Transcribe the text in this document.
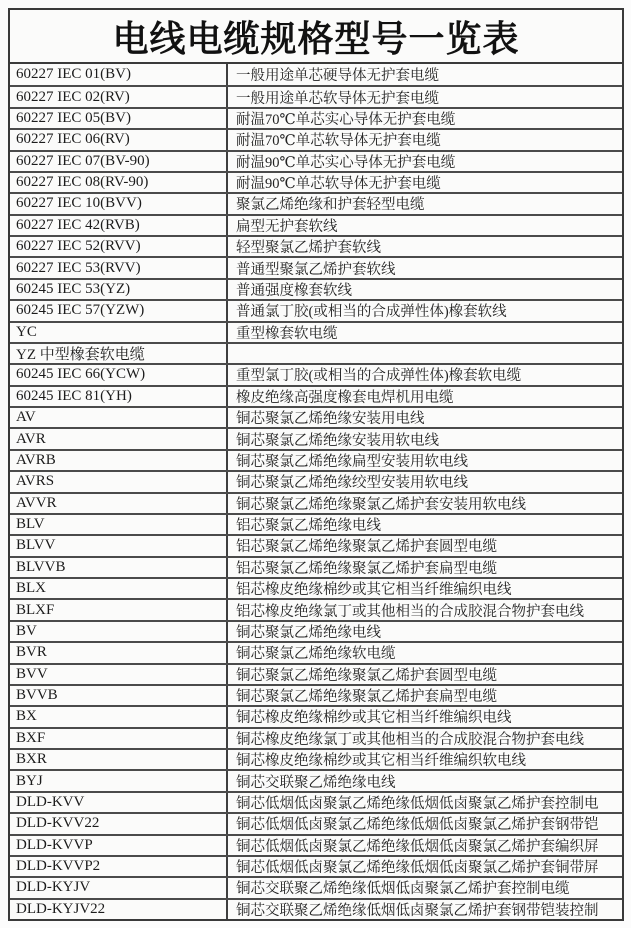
电线电缆规格型号一览表
60227 IEC 01(BV)	一般用途单芯硬导体无护套电缆
60227 IEC 02(RV)	一般用途单芯软导体无护套电缆
60227 IEC 05(BV)	耐温70℃单芯实心导体无护套电缆
60227 IEC 06(RV)	耐温70℃单芯软导体无护套电缆
60227 IEC 07(BV-90)	耐温90℃单芯实心导体无护套电缆
60227 IEC 08(RV-90)	耐温90℃单芯软导体无护套电缆
60227 IEC 10(BVV)	聚氯乙烯绝缘和护套轻型电缆
60227 IEC 42(RVB)	扁型无护套软线
60227 IEC 52(RVV)	轻型聚氯乙烯护套软线
60227 IEC 53(RVV)	普通型聚氯乙烯护套软线
60245 IEC 53(YZ)	普通强度橡套软线
60245 IEC 57(YZW)	普通氯丁胶(或相当的合成弹性体)橡套软线
YC	重型橡套软电缆
YZ 中型橡套软电缆
60245 IEC 66(YCW)	重型氯丁胶(或相当的合成弹性体)橡套软电缆
60245 IEC 81(YH)	橡皮绝缘高强度橡套电焊机用电缆
AV	铜芯聚氯乙烯绝缘安装用电线
AVR	铜芯聚氯乙烯绝缘安装用软电线
AVRB	铜芯聚氯乙烯绝缘扁型安装用软电线
AVRS	铜芯聚氯乙烯绝缘绞型安装用软电线
AVVR	铜芯聚氯乙烯绝缘聚氯乙烯护套安装用软电线
BLV	铝芯聚氯乙烯绝缘电线
BLVV	铝芯聚氯乙烯绝缘聚氯乙烯护套圆型电缆
BLVVB	铝芯聚氯乙烯绝缘聚氯乙烯护套扁型电缆
BLX	铝芯橡皮绝缘棉纱或其它相当纤维编织电线
BLXF	铝芯橡皮绝缘氯丁或其他相当的合成胶混合物护套电线
BV	铜芯聚氯乙烯绝缘电线
BVR	铜芯聚氯乙烯绝缘软电缆
BVV	铜芯聚氯乙烯绝缘聚氯乙烯护套圆型电缆
BVVB	铜芯聚氯乙烯绝缘聚氯乙烯护套扁型电缆
BX	铜芯橡皮绝缘棉纱或其它相当纤维编织电线
BXF	铜芯橡皮绝缘氯丁或其他相当的合成胶混合物护套电线
BXR	铜芯橡皮绝缘棉纱或其它相当纤维编织软电线
BYJ	铜芯交联聚乙烯绝缘电线
DLD-KVV	铜芯低烟低卤聚氯乙烯绝缘低烟低卤聚氯乙烯护套控制电
DLD-KVV22	铜芯低烟低卤聚氯乙烯绝缘低烟低卤聚氯乙烯护套钢带铠
DLD-KVVP	铜芯低烟低卤聚氯乙烯绝缘低烟低卤聚氯乙烯护套编织屏
DLD-KVVP2	铜芯低烟低卤聚氯乙烯绝缘低烟低卤聚氯乙烯护套铜带屏
DLD-KYJV	铜芯交联聚乙烯绝缘低烟低卤聚氯乙烯护套控制电缆
DLD-KYJV22	铜芯交联聚乙烯绝缘低烟低卤聚氯乙烯护套钢带铠装控制
